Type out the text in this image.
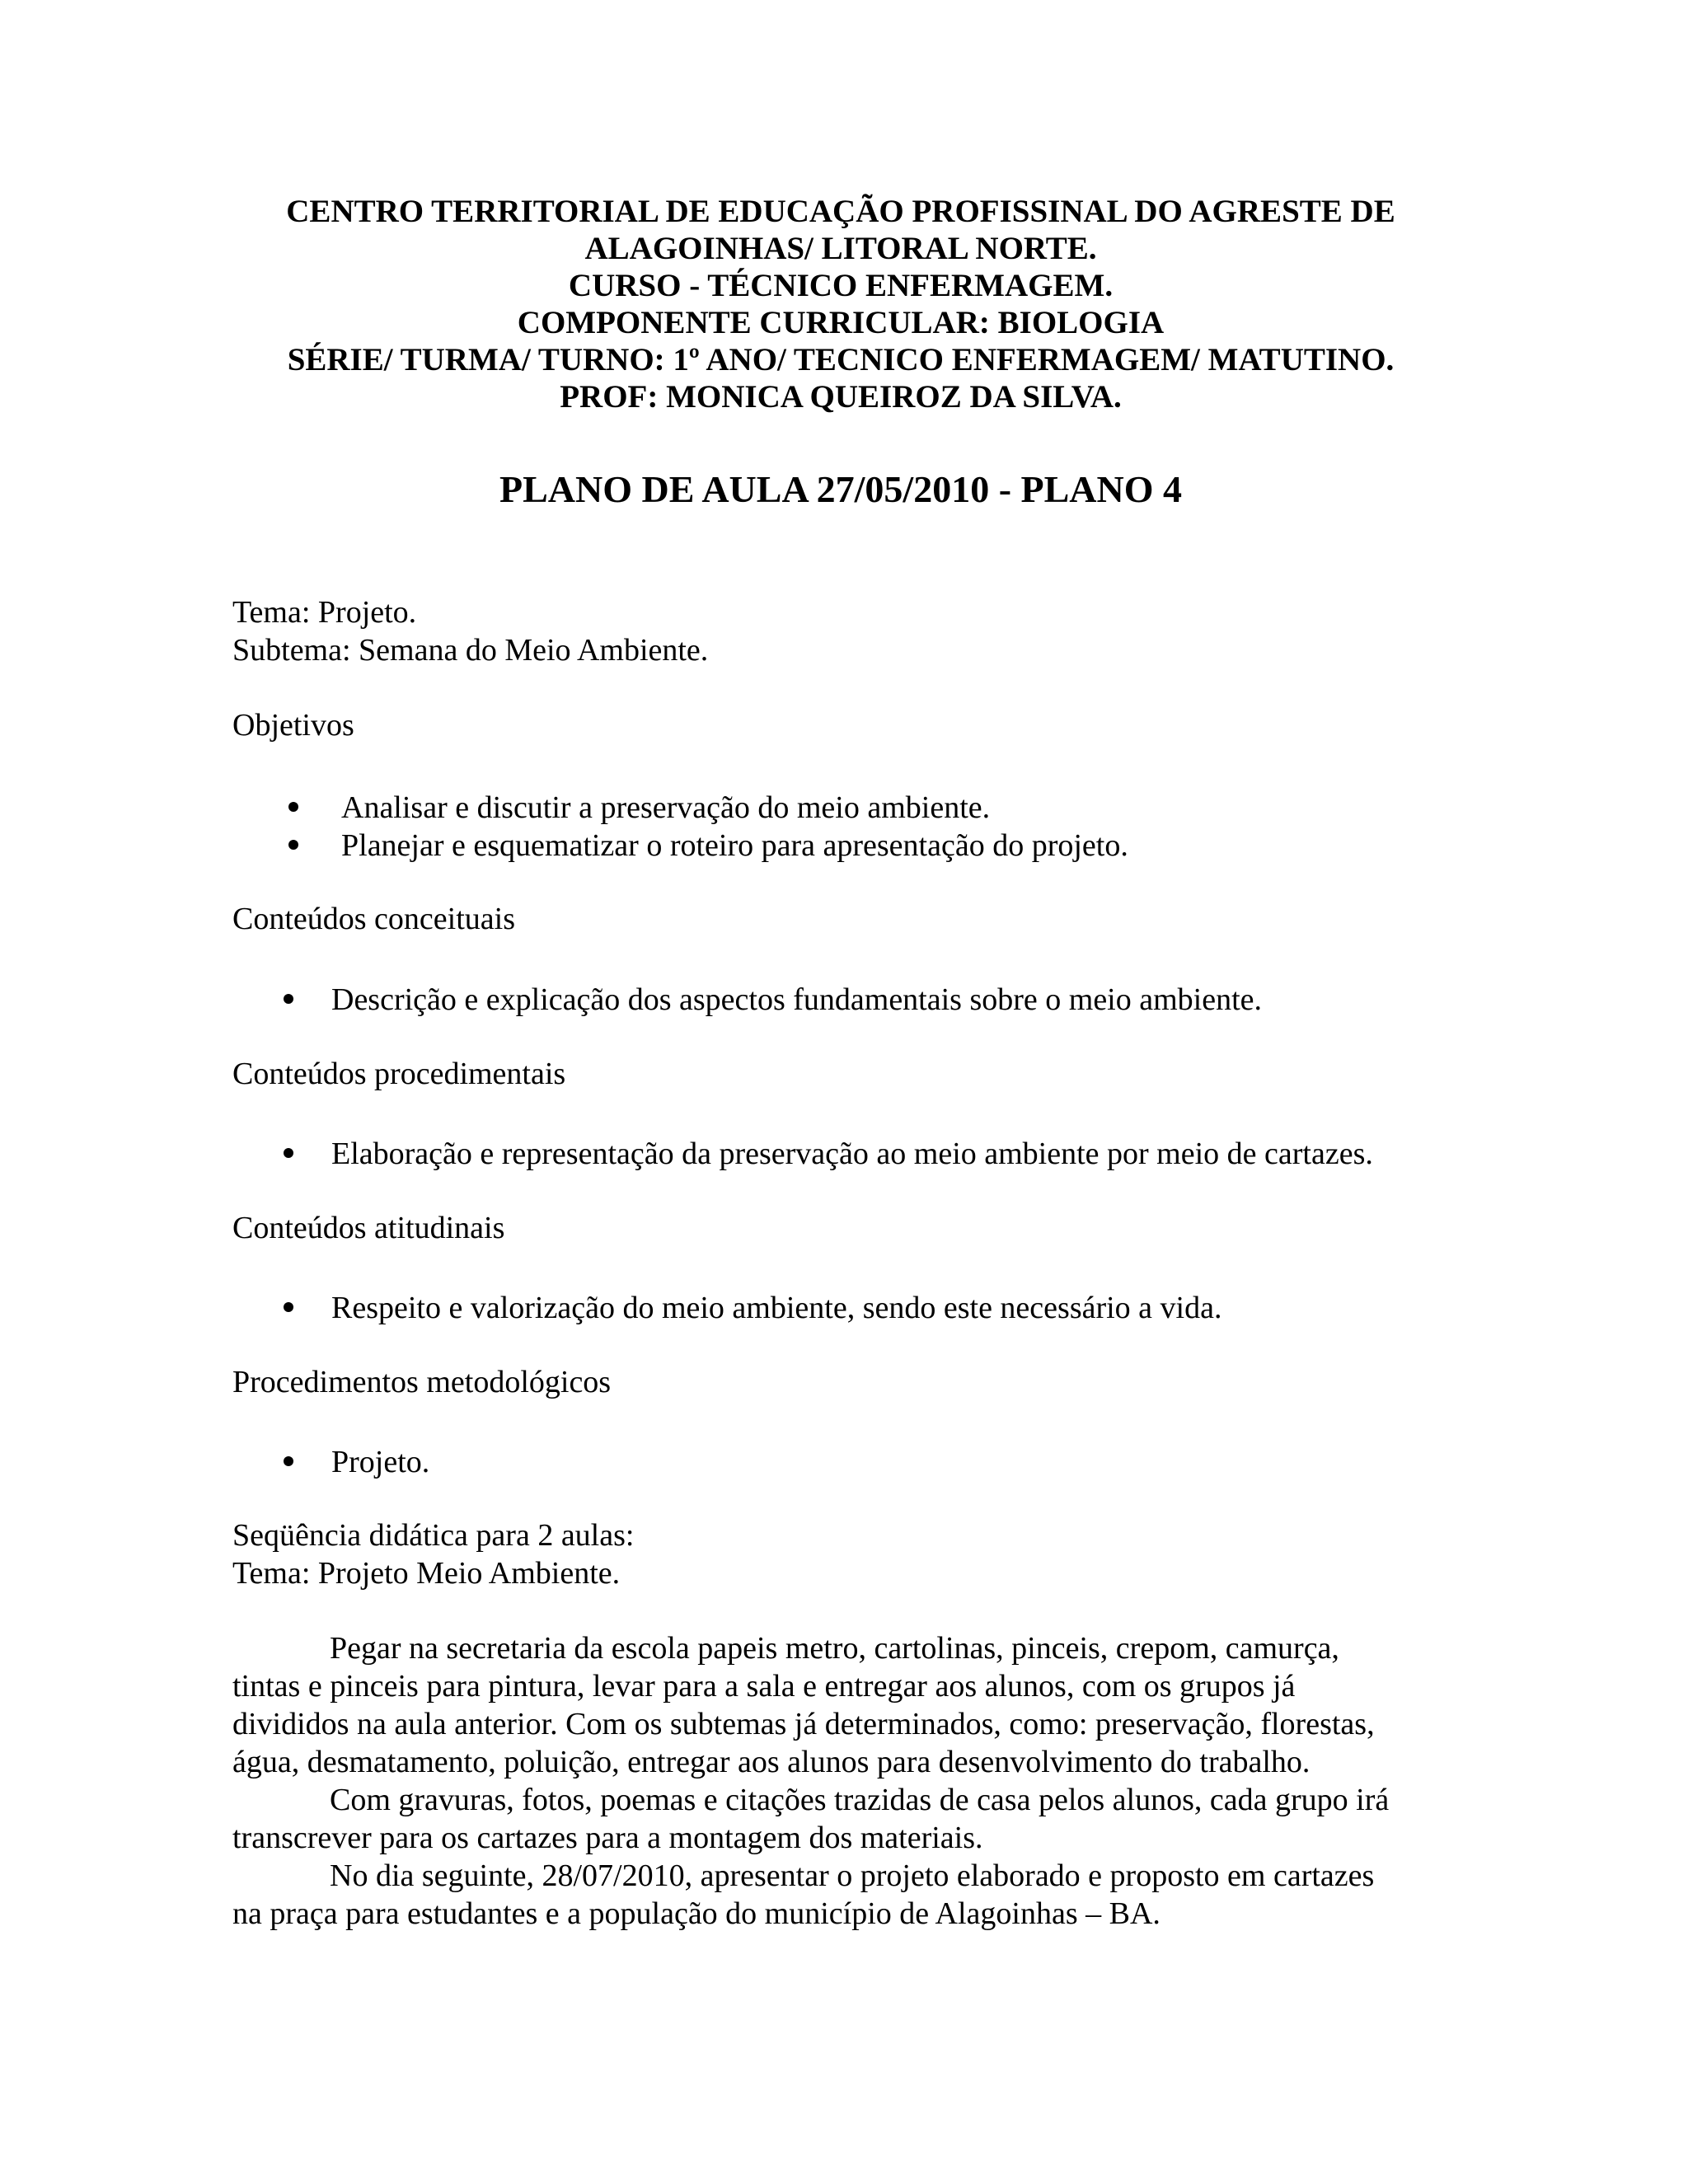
CENTRO TERRITORIAL DE EDUCAÇÃO PROFISSINAL DO AGRESTE DE
ALAGOINHAS/ LITORAL NORTE.
CURSO - TÉCNICO ENFERMAGEM.
COMPONENTE CURRICULAR: BIOLOGIA
SÉRIE/ TURMA/ TURNO: 1º ANO/ TECNICO ENFERMAGEM/ MATUTINO.
PROF: MONICA QUEIROZ DA SILVA.
PLANO DE AULA 27/05/2010 - PLANO 4
Tema: Projeto.
Subtema: Semana do Meio Ambiente.
Objetivos
Analisar e discutir a preservação do meio ambiente.
Planejar e esquematizar o roteiro para apresentação do projeto.
Conteúdos conceituais
Descrição e explicação dos aspectos fundamentais sobre o meio ambiente.
Conteúdos procedimentais
Elaboração e representação da preservação ao meio ambiente por meio de cartazes.
Conteúdos atitudinais
Respeito e valorização do meio ambiente, sendo este necessário a vida.
Procedimentos metodológicos
Projeto.
Seqüência didática para 2 aulas:
Tema: Projeto Meio Ambiente.
Pegar na secretaria da escola papeis metro, cartolinas, pinceis, crepom, camurça,
tintas e pinceis para pintura, levar para a sala e entregar aos alunos, com os grupos já
divididos na aula anterior. Com os subtemas já determinados, como: preservação, florestas,
água, desmatamento, poluição, entregar aos alunos para desenvolvimento do trabalho.
Com gravuras, fotos, poemas e citações trazidas de casa pelos alunos, cada grupo irá
transcrever para os cartazes para a montagem dos materiais.
No dia seguinte, 28/07/2010, apresentar o projeto elaborado e proposto em cartazes
na praça para estudantes e a população do município de Alagoinhas – BA.
